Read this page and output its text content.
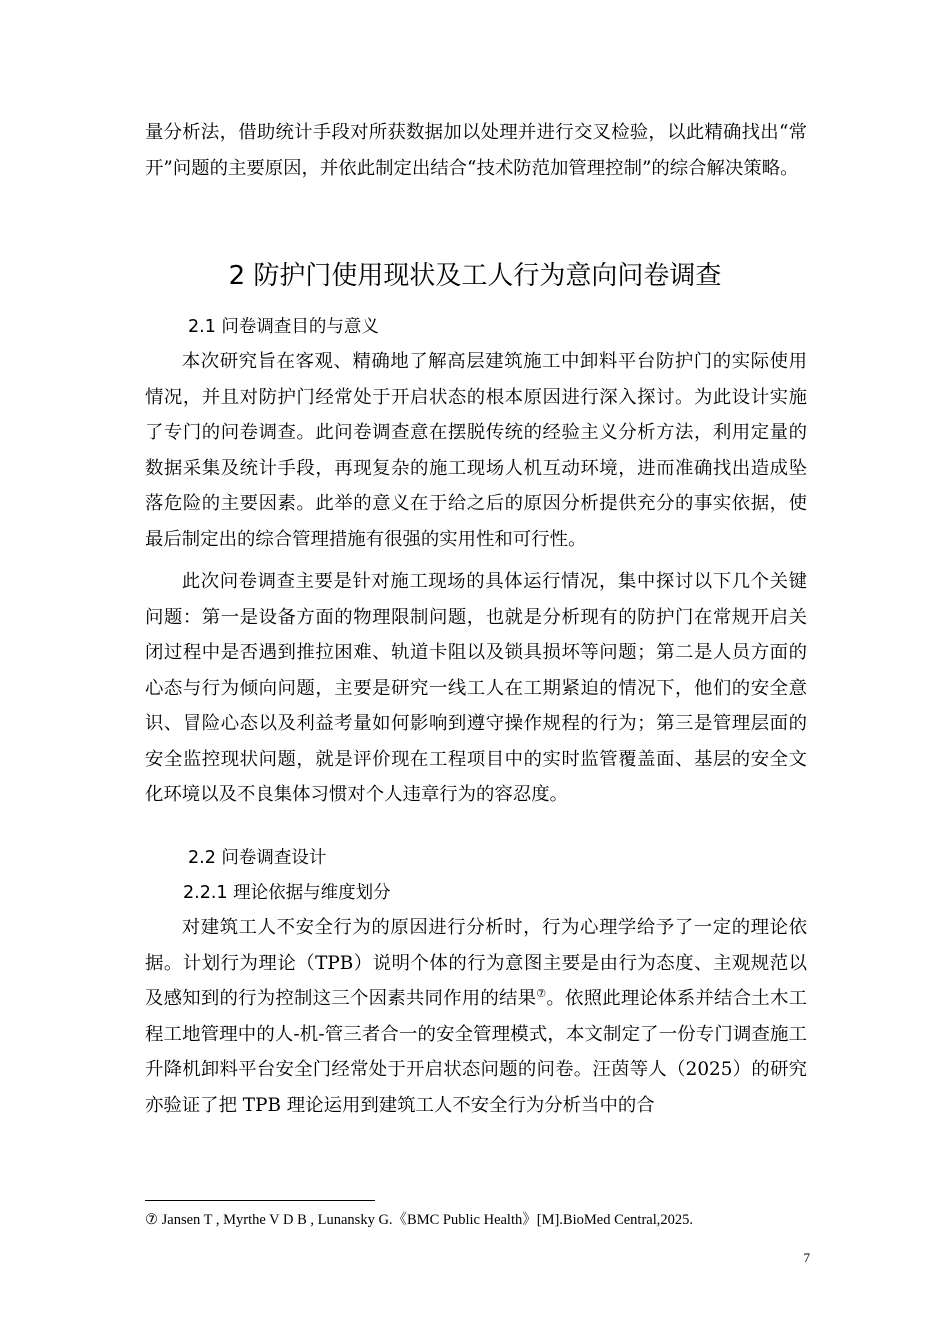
量分析法，借助统计手段对所获数据加以处理并进行交叉检验，以此精确找出“常开”问题的主要原因，并依此制定出结合“技术防范加管理控制”的综合解决策略。

2 防护门使用现状及工人行为意向问卷调查
2.1 问卷调查目的与意义

本次研究旨在客观、精确地了解高层建筑施工中卸料平台防护门的实际使用情况，并且对防护门经常处于开启状态的根本原因进行深入探讨。为此设计实施了专门的问卷调查。此问卷调查意在摆脱传统的经验主义分析方法，利用定量的数据采集及统计手段，再现复杂的施工现场人机互动环境，进而准确找出造成坠落危险的主要因素。此举的意义在于给之后的原因分析提供充分的事实依据，使最后制定出的综合管理措施有很强的实用性和可行性。

此次问卷调查主要是针对施工现场的具体运行情况，集中探讨以下几个关键问题：第一是设备方面的物理限制问题，也就是分析现有的防护门在常规开启关闭过程中是否遇到推拉困难、轨道卡阻以及锁具损坏等问题；第二是人员方面的心态与行为倾向问题，主要是研究一线工人在工期紧迫的情况下，他们的安全意识、冒险心态以及利益考量如何影响到遵守操作规程的行为；第三是管理层面的安全监控现状问题，就是评价现在工程项目中的实时监管覆盖面、基层的安全文化环境以及不良集体习惯对个人违章行为的容忍度。

2.2 问卷调查设计
2.2.1 理论依据与维度划分

对建筑工人不安全行为的原因进行分析时，行为心理学给予了一定的理论依据。计划行为理论（TPB）说明个体的行为意图主要是由行为态度、主观规范以及感知到的行为控制这三个因素共同作用的结果⑦。依照此理论体系并结合土木工程工地管理中的人-机-管三者合一的安全管理模式，本文制定了一份专门调查施工升降机卸料平台安全门经常处于开启状态问题的问卷。汪茵等人（2025）的研究亦验证了把 TPB 理论运用到建筑工人不安全行为分析当中的合

⑦ Jansen T , Myrthe V D B , Lunansky G.《BMC Public Health》[M].BioMed Central,2025.

7
